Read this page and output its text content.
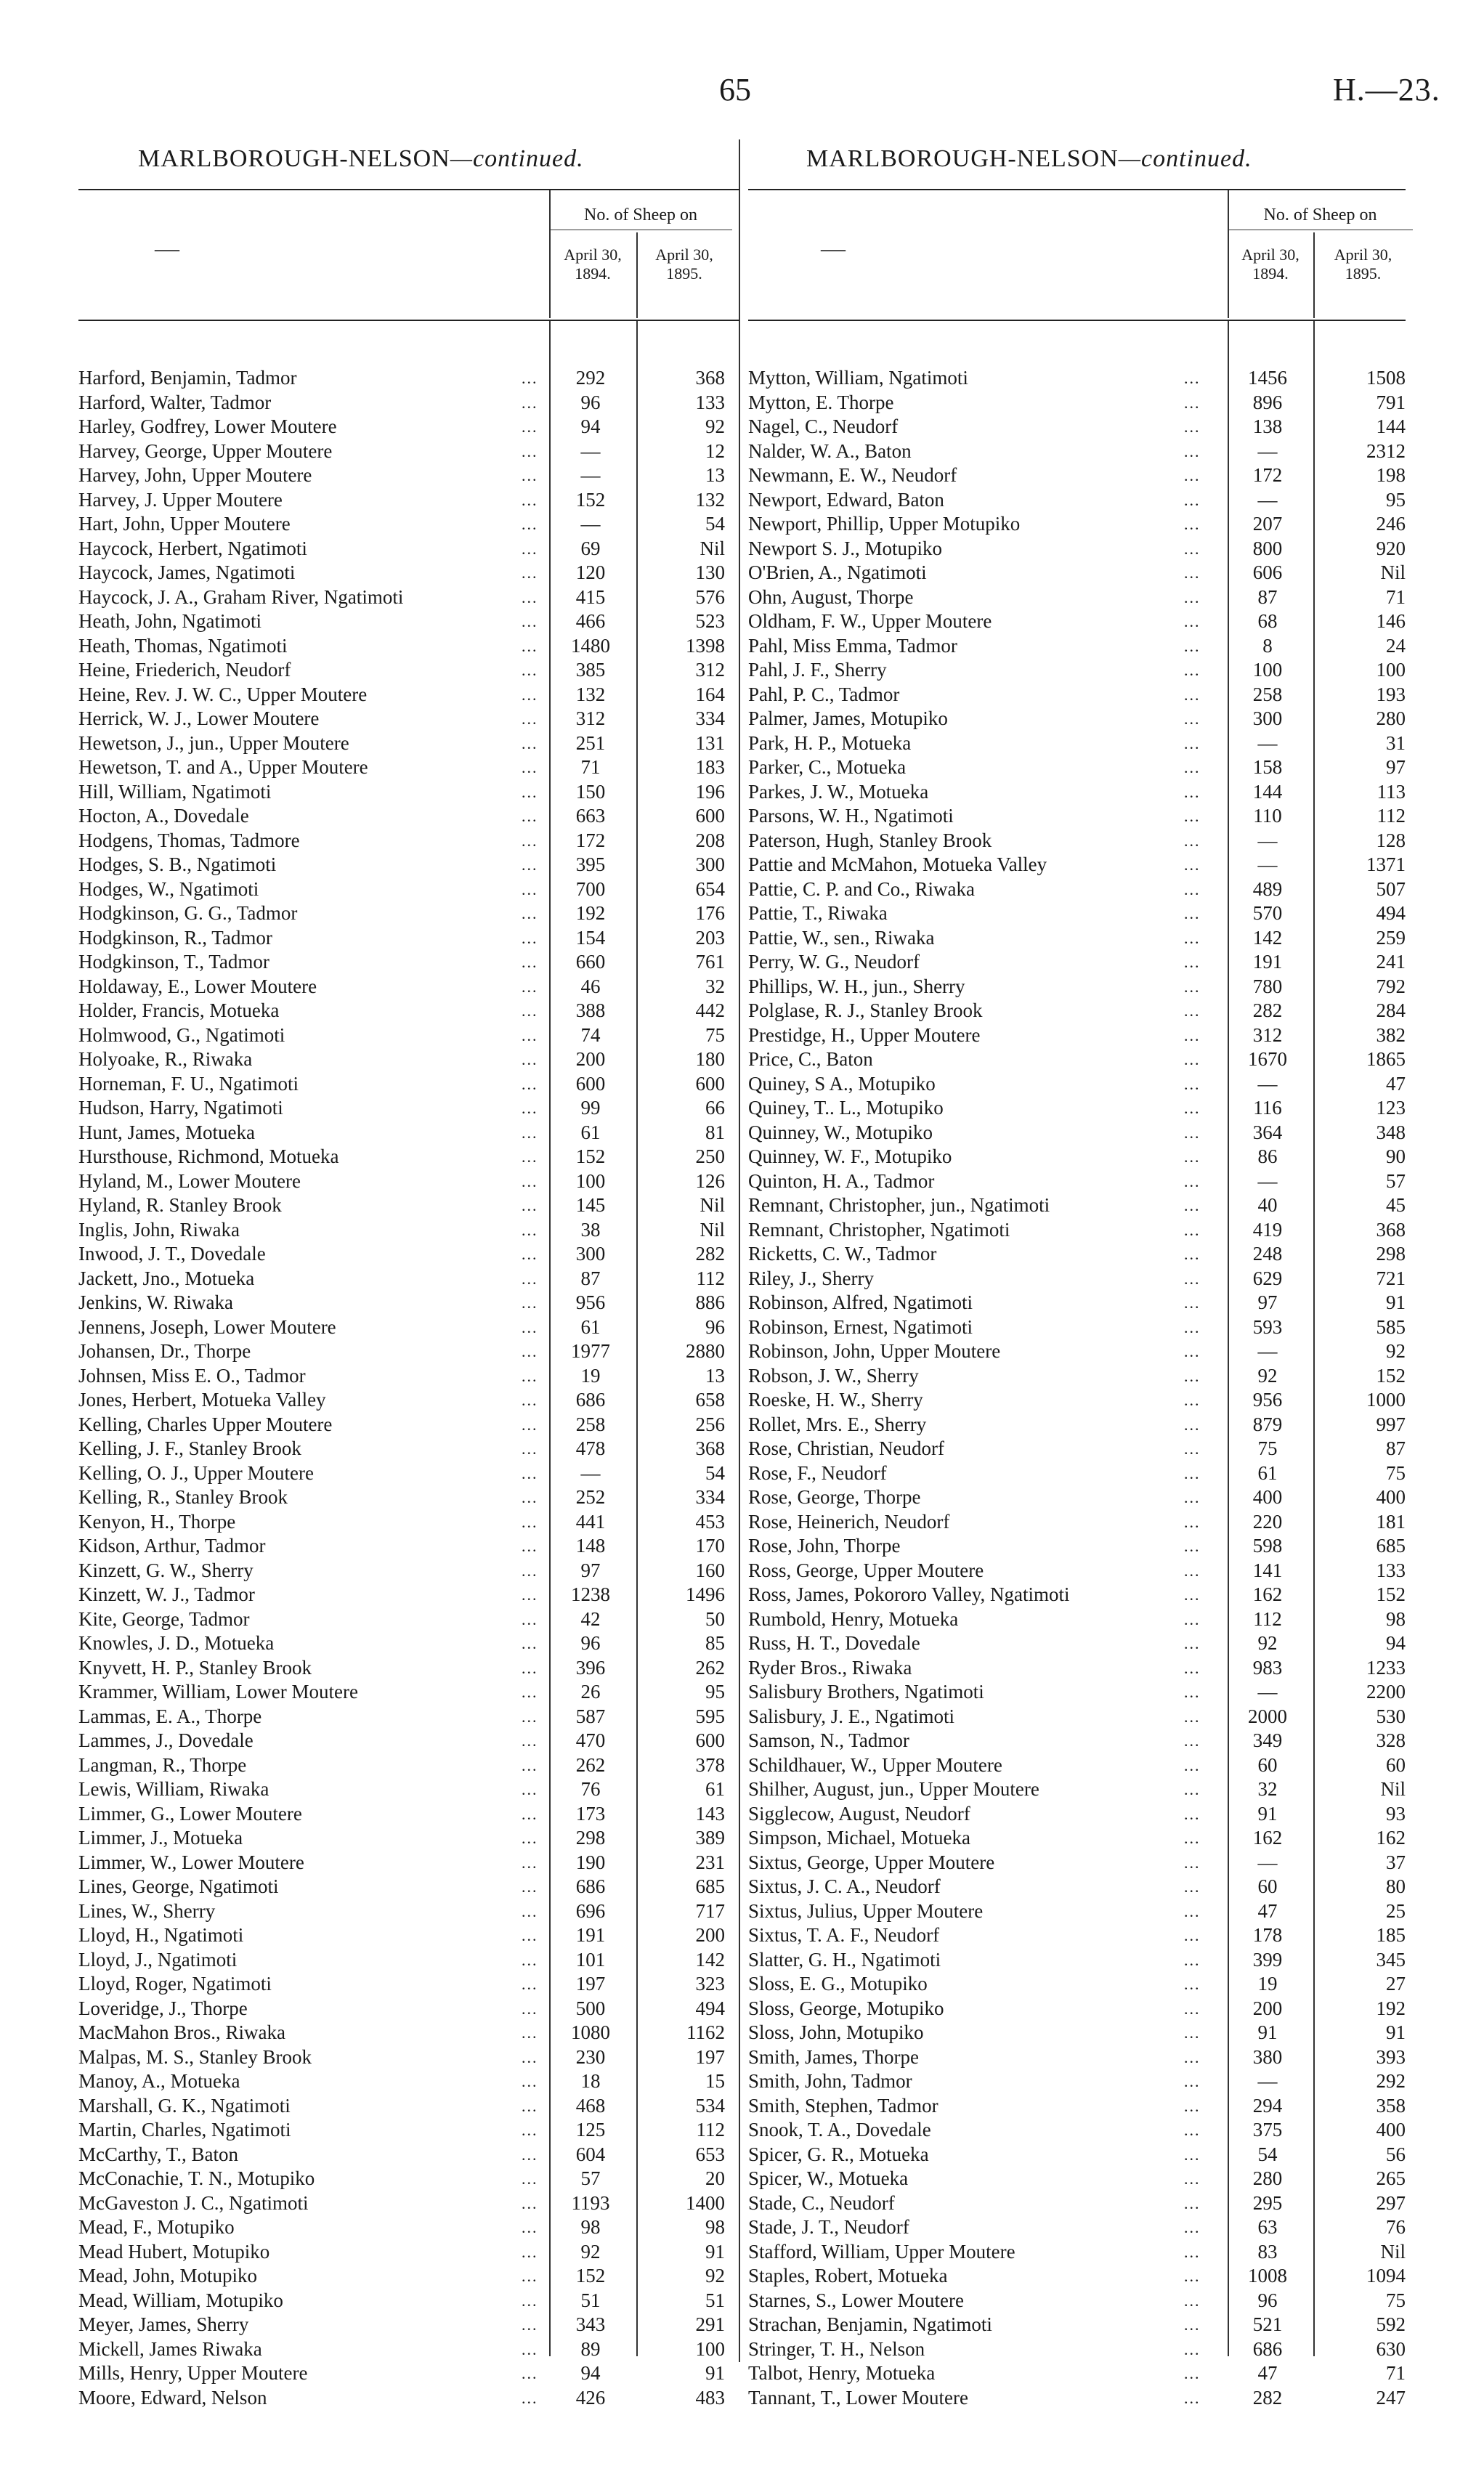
65	H.—23.
MARLBOROUGH-NELSON—continued.	MARLBOROUGH-NELSON—continued.
—
No. of Sheep on
April 30,
1894.
April 30,
1895.
Harford, Benjamin, Tadmor	...	292	368
Harford, Walter, Tadmor	...	96	133
Harley, Godfrey, Lower Moutere	...	94	92
Harvey, George, Upper Moutere	...	—	12
Harvey, John, Upper Moutere	...	—	13
Harvey, J. Upper Moutere	...	152	132
Hart, John, Upper Moutere	...	—	54
Haycock, Herbert, Ngatimoti	...	69	Nil
Haycock, James, Ngatimoti	...	120	130
Haycock, J. A., Graham River, Ngatimoti	...	415	576
Heath, John, Ngatimoti	...	466	523
Heath, Thomas, Ngatimoti	...	1480	1398
Heine, Friederich, Neudorf	...	385	312
Heine, Rev. J. W. C., Upper Moutere	...	132	164
Herrick, W. J., Lower Moutere	...	312	334
Hewetson, J., jun., Upper Moutere	...	251	131
Hewetson, T. and A., Upper Moutere	...	71	183
Hill, William, Ngatimoti	...	150	196
Hocton, A., Dovedale	...	663	600
Hodgens, Thomas, Tadmore	...	172	208
Hodges, S. B., Ngatimoti	...	395	300
Hodges, W., Ngatimoti	...	700	654
Hodgkinson, G. G., Tadmor	...	192	176
Hodgkinson, R., Tadmor	...	154	203
Hodgkinson, T., Tadmor	...	660	761
Holdaway, E., Lower Moutere	...	46	32
Holder, Francis, Motueka	...	388	442
Holmwood, G., Ngatimoti	...	74	75
Holyoake, R., Riwaka	...	200	180
Horneman, F. U., Ngatimoti	...	600	600
Hudson, Harry, Ngatimoti	...	99	66
Hunt, James, Motueka	...	61	81
Hursthouse, Richmond, Motueka	...	152	250
Hyland, M., Lower Moutere	...	100	126
Hyland, R. Stanley Brook	...	145	Nil
Inglis, John, Riwaka	...	38	Nil
Inwood, J. T., Dovedale	...	300	282
Jackett, Jno., Motueka	...	87	112
Jenkins, W. Riwaka	...	956	886
Jennens, Joseph, Lower Moutere	...	61	96
Johansen, Dr., Thorpe	...	1977	2880
Johnsen, Miss E. O., Tadmor	...	19	13
Jones, Herbert, Motueka Valley	...	686	658
Kelling, Charles Upper Moutere	...	258	256
Kelling, J. F., Stanley Brook	...	478	368
Kelling, O. J., Upper Moutere	...	—	54
Kelling, R., Stanley Brook	...	252	334
Kenyon, H., Thorpe	...	441	453
Kidson, Arthur, Tadmor	...	148	170
Kinzett, G. W., Sherry	...	97	160
Kinzett, W. J., Tadmor	...	1238	1496
Kite, George, Tadmor	...	42	50
Knowles, J. D., Motueka	...	96	85
Knyvett, H. P., Stanley Brook	...	396	262
Krammer, William, Lower Moutere	...	26	95
Lammas, E. A., Thorpe	...	587	595
Lammes, J., Dovedale	...	470	600
Langman, R., Thorpe	...	262	378
Lewis, William, Riwaka	...	76	61
Limmer, G., Lower Moutere	...	173	143
Limmer, J., Motueka	...	298	389
Limmer, W., Lower Moutere	...	190	231
Lines, George, Ngatimoti	...	686	685
Lines, W., Sherry	...	696	717
Lloyd, H., Ngatimoti	...	191	200
Lloyd, J., Ngatimoti	...	101	142
Lloyd, Roger, Ngatimoti	...	197	323
Loveridge, J., Thorpe	...	500	494
MacMahon Bros., Riwaka	...	1080	1162
Malpas, M. S., Stanley Brook	...	230	197
Manoy, A., Motueka	...	18	15
Marshall, G. K., Ngatimoti	...	468	534
Martin, Charles, Ngatimoti	...	125	112
McCarthy, T., Baton	...	604	653
McConachie, T. N., Motupiko	...	57	20
McGaveston J. C., Ngatimoti	...	1193	1400
Mead, F., Motupiko	...	98	98
Mead Hubert, Motupiko	...	92	91
Mead, John, Motupiko	...	152	92
Mead, William, Motupiko	...	51	51
Meyer, James, Sherry	...	343	291
Mickell, James Riwaka	...	89	100
Mills, Henry, Upper Moutere	...	94	91
Moore, Edward, Nelson	...	426	483
—
No. of Sheep on
April 30,
1894.
April 30,
1895.
Mytton, William, Ngatimoti	...	1456	1508
Mytton, E. Thorpe	...	896	791
Nagel, C., Neudorf	...	138	144
Nalder, W. A., Baton	...	—	2312
Newmann, E. W., Neudorf	...	172	198
Newport, Edward, Baton	...	—	95
Newport, Phillip, Upper Motupiko	...	207	246
Newport S. J., Motupiko	...	800	920
O'Brien, A., Ngatimoti	...	606	Nil
Ohn, August, Thorpe	...	87	71
Oldham, F. W., Upper Moutere	...	68	146
Pahl, Miss Emma, Tadmor	...	8	24
Pahl, J. F., Sherry	...	100	100
Pahl, P. C., Tadmor	...	258	193
Palmer, James, Motupiko	...	300	280
Park, H. P., Motueka	...	—	31
Parker, C., Motueka	...	158	97
Parkes, J. W., Motueka	...	144	113
Parsons, W. H., Ngatimoti	...	110	112
Paterson, Hugh, Stanley Brook	...	—	128
Pattie and McMahon, Motueka Valley	...	—	1371
Pattie, C. P. and Co., Riwaka	...	489	507
Pattie, T., Riwaka	...	570	494
Pattie, W., sen., Riwaka	...	142	259
Perry, W. G., Neudorf	...	191	241
Phillips, W. H., jun., Sherry	...	780	792
Polglase, R. J., Stanley Brook	...	282	284
Prestidge, H., Upper Moutere	...	312	382
Price, C., Baton	...	1670	1865
Quiney, S A., Motupiko	...	—	47
Quiney, T.. L., Motupiko	...	116	123
Quinney, W., Motupiko	...	364	348
Quinney, W. F., Motupiko	...	86	90
Quinton, H. A., Tadmor	...	—	57
Remnant, Christopher, jun., Ngatimoti	...	40	45
Remnant, Christopher, Ngatimoti	...	419	368
Ricketts, C. W., Tadmor	...	248	298
Riley, J., Sherry	...	629	721
Robinson, Alfred, Ngatimoti	...	97	91
Robinson, Ernest, Ngatimoti	...	593	585
Robinson, John, Upper Moutere	...	—	92
Robson, J. W., Sherry	...	92	152
Roeske, H. W., Sherry	...	956	1000
Rollet, Mrs. E., Sherry	...	879	997
Rose, Christian, Neudorf	...	75	87
Rose, F., Neudorf	...	61	75
Rose, George, Thorpe	...	400	400
Rose, Heinerich, Neudorf	...	220	181
Rose, John, Thorpe	...	598	685
Ross, George, Upper Moutere	...	141	133
Ross, James, Pokororo Valley, Ngatimoti	...	162	152
Rumbold, Henry, Motueka	...	112	98
Russ, H. T., Dovedale	...	92	94
Ryder Bros., Riwaka	...	983	1233
Salisbury Brothers, Ngatimoti	...	—	2200
Salisbury, J. E., Ngatimoti	...	2000	530
Samson, N., Tadmor	...	349	328
Schildhauer, W., Upper Moutere	...	60	60
Shilher, August, jun., Upper Moutere	...	32	Nil
Sigglecow, August, Neudorf	...	91	93
Simpson, Michael, Motueka	...	162	162
Sixtus, George, Upper Moutere	...	—	37
Sixtus, J. C. A., Neudorf	...	60	80
Sixtus, Julius, Upper Moutere	...	47	25
Sixtus, T. A. F., Neudorf	...	178	185
Slatter, G. H., Ngatimoti	...	399	345
Sloss, E. G., Motupiko	...	19	27
Sloss, George, Motupiko	...	200	192
Sloss, John, Motupiko	...	91	91
Smith, James, Thorpe	...	380	393
Smith, John, Tadmor	...	—	292
Smith, Stephen, Tadmor	...	294	358
Snook, T. A., Dovedale	...	375	400
Spicer, G. R., Motueka	...	54	56
Spicer, W., Motueka	...	280	265
Stade, C., Neudorf	...	295	297
Stade, J. T., Neudorf	...	63	76
Stafford, William, Upper Moutere	...	83	Nil
Staples, Robert, Motueka	...	1008	1094
Starnes, S., Lower Moutere	...	96	75
Strachan, Benjamin, Ngatimoti	...	521	592
Stringer, T. H., Nelson	...	686	630
Talbot, Henry, Motueka	...	47	71
Tannant, T., Lower Moutere	...	282	247
